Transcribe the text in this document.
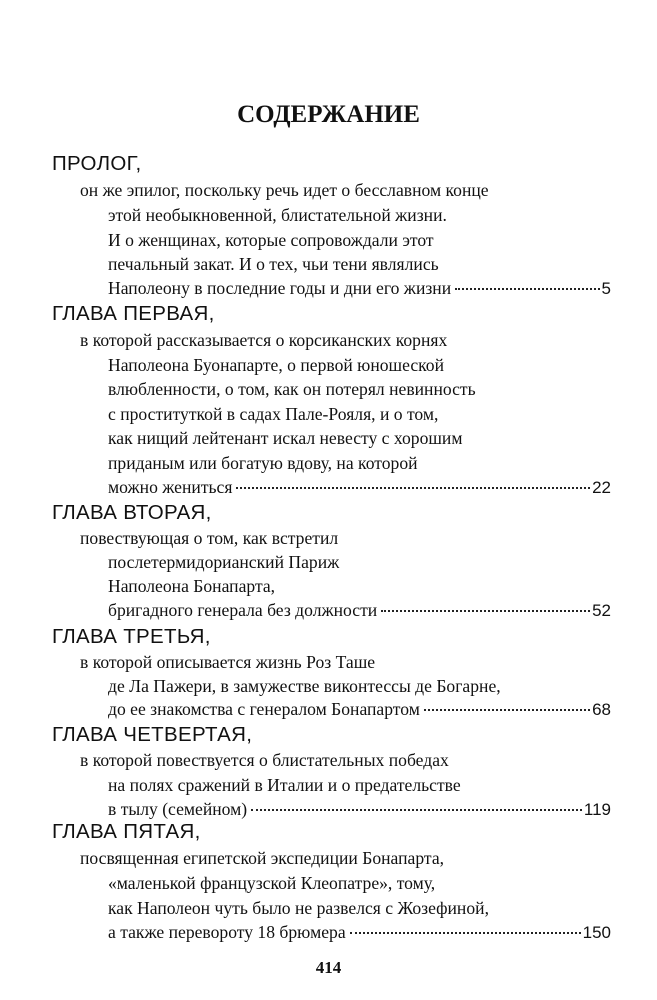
СОДЕРЖАНИЕ
ПРОЛОГ,
он же эпилог, поскольку речь идет о бесславном конце
этой необыкновенной, блистательной жизни.
И о женщинах, которые сопровождали этот
печальный закат. И о тех, чьи тени являлись
Наполеону в последние годы и дни его жизни	5
ГЛАВА ПЕРВАЯ,
в которой рассказывается о корсиканских корнях
Наполеона Буонапарте, о первой юношеской
влюбленности, о том, как он потерял невинность
с проституткой в садах Пале-Рояля, и о том,
как нищий лейтенант искал невесту с хорошим
приданым или богатую вдову, на которой
можно жениться	22
ГЛАВА ВТОРАЯ,
повествующая о том, как встретил
послетермидорианский Париж
Наполеона Бонапарта,
бригадного генерала без должности	52
ГЛАВА ТРЕТЬЯ,
в которой описывается жизнь Роз Таше
де Ла Пажери, в замужестве виконтессы де Богарне,
до ее знакомства с генералом Бонапартом	68
ГЛАВА ЧЕТВЕРТАЯ,
в которой повествуется о блистательных победах
на полях сражений в Италии и о предательстве
в тылу (семейном)	119
ГЛАВА ПЯТАЯ,
посвященная египетской экспедиции Бонапарта,
«маленькой французской Клеопатре», тому,
как Наполеон чуть было не развелся с Жозефиной,
а также перевороту 18 брюмера	150
414
